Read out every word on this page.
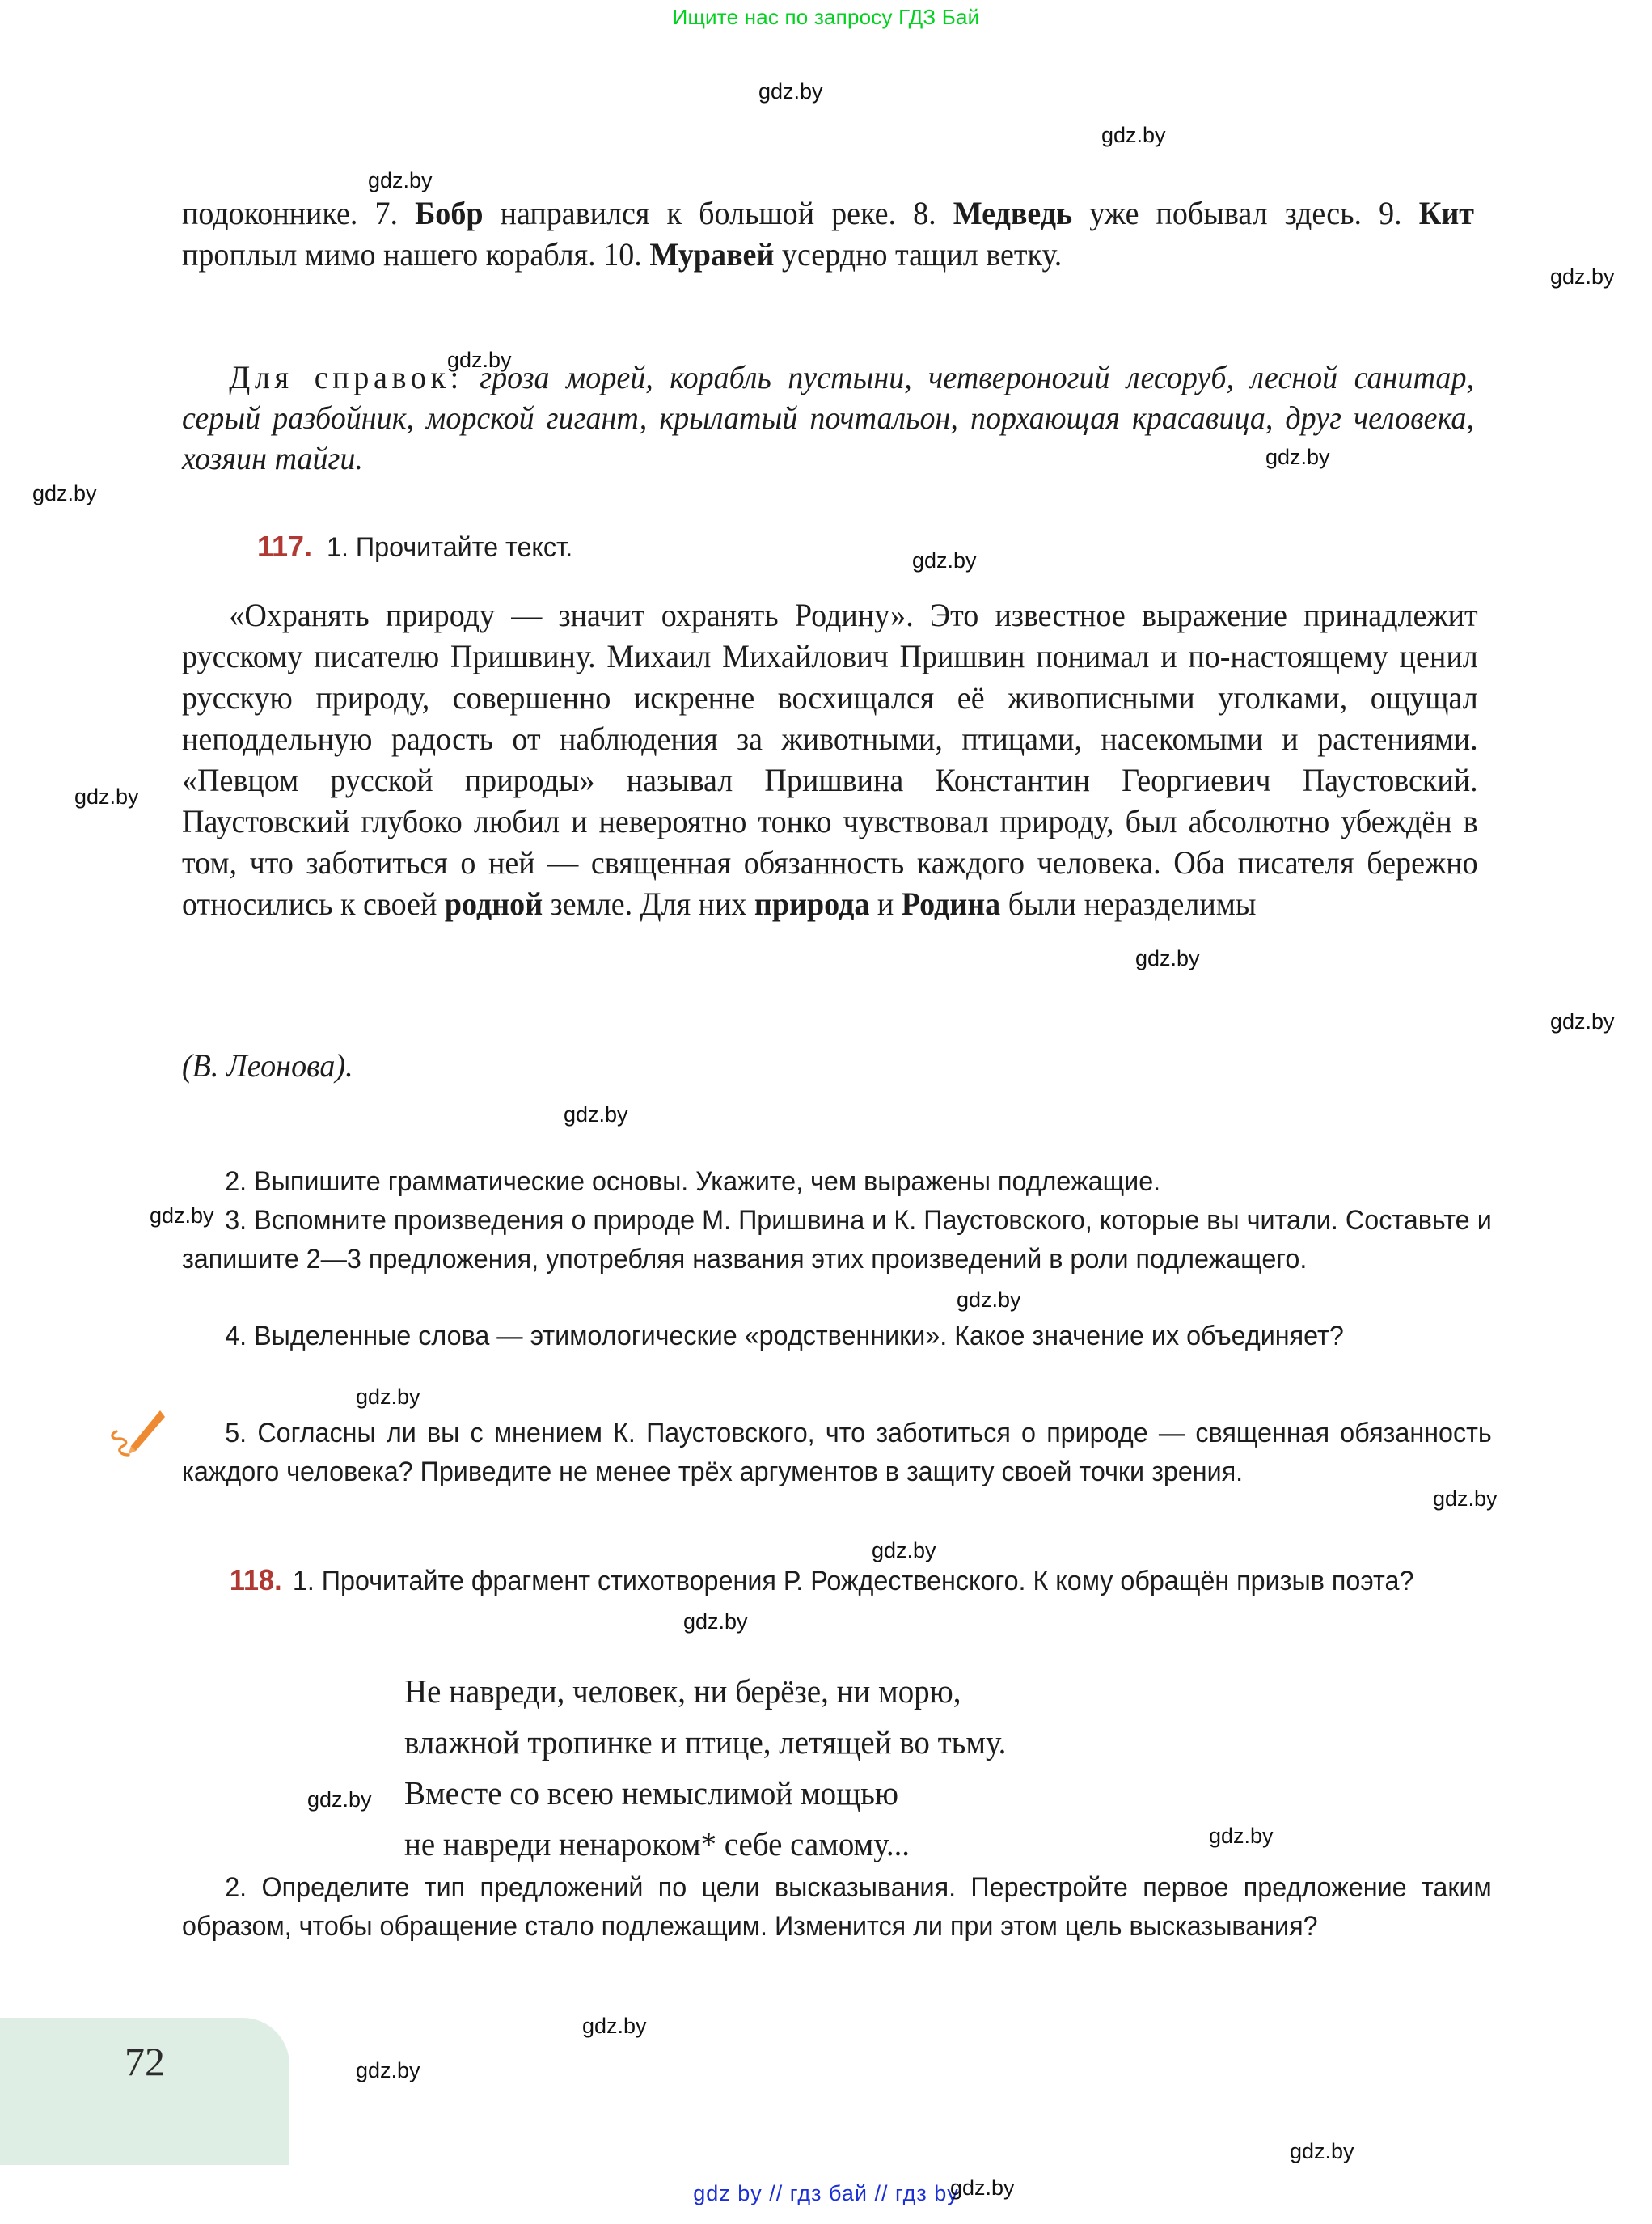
Ищите нас по запросу ГДЗ Бай

подоконнике. 7. Бобр направился к большой реке. 8. Медведь уже побывал здесь. 9. Кит проплыл мимо нашего корабля. 10. Муравей усердно тащил ветку.

Для справок: гроза морей, корабль пустыни, четвероногий лесоруб, лесной санитар, серый разбойник, морской гигант, крылатый почтальон, порхающая красавица, друг человека, хозяин тайги.

117. 1. Прочитайте текст.

«Охранять природу — значит охранять Родину». Это известное выражение принадлежит русскому писателю Пришвину. Михаил Михайлович Пришвин понимал и по-настоящему ценил русскую природу, совершенно искренне восхищался её живописными уголками, ощущал неподдельную радость от наблюдения за животными, птицами, насекомыми и растениями. «Певцом русской природы» называл Пришвина Константин Георгиевич Паустовский. Паустовский глубоко любил и невероятно тонко чувствовал природу, был абсолютно убеждён в том, что заботиться о ней — священная обязанность каждого человека. Оба писателя бережно относились к своей родной земле. Для них природа и Родина были неразделимы

(В. Леонова).

2. Выпишите грамматические основы. Укажите, чем выражены подлежащие.

3. Вспомните произведения о природе М. Пришвина и К. Паустовского, которые вы читали. Составьте и запишите 2—3 предложения, употребляя названия этих произведений в роли подлежащего.

4. Выделенные слова — этимологические «родственники». Какое значение их объединяет?

5. Согласны ли вы с мнением К. Паустовского, что заботиться о природе — священная обязанность каждого человека? Приведите не менее трёх аргументов в защиту своей точки зрения.

118. 1. Прочитайте фрагмент стихотворения Р. Рождественского. К кому обращён призыв поэта?

Не навреди, человек, ни берёзе, ни морю,
влажной тропинке и птице, летящей во тьму.
Вместе со всею немыслимой мощью
не навреди ненароком* себе самому...

2. Определите тип предложений по цели высказывания. Перестройте первое предложение таким образом, чтобы обращение стало подлежащим. Изменится ли при этом цель высказывания?

72
gdz by // гдз бай // гдз by
gdz.by
gdz.by
gdz.by
gdz.by
gdz.by
gdz.by
gdz.by
gdz.by
gdz.by
gdz.by
gdz.by
gdz.by
gdz.by
gdz.by
gdz.by
gdz.by
gdz.by
gdz.by
gdz.by
gdz.by
gdz.by
gdz.by
gdz.by
gdz.by
